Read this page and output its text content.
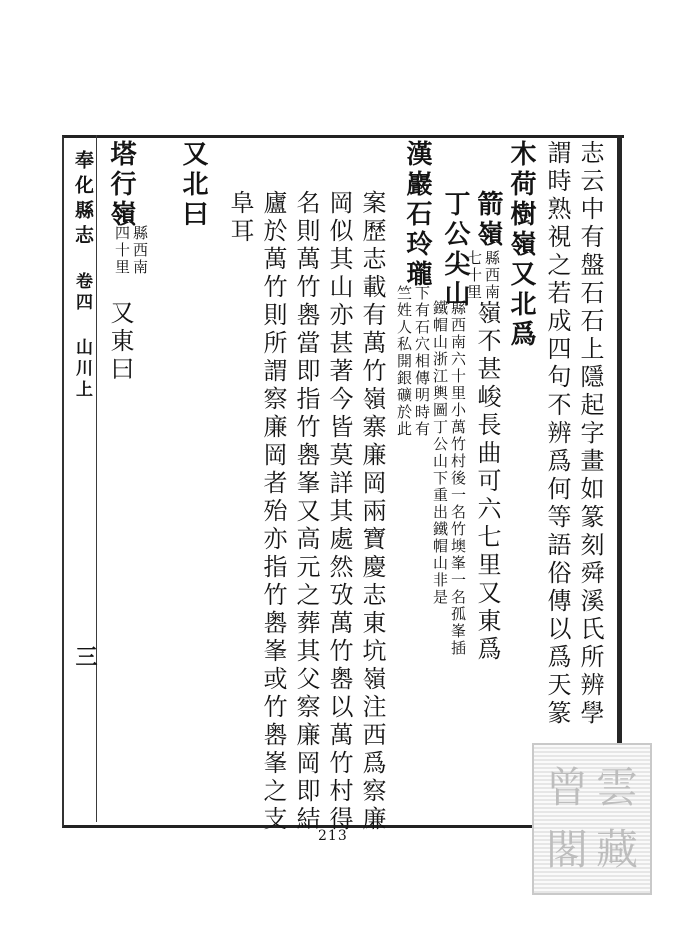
奉化縣志
卷四 山川上
三	志云中有盤石石上隱起字畫如篆刻舜溪氏所辨學
謂時熟視之若成四句不辨爲何等語俗傳以爲天篆
木荷樹嶺又北爲
箭嶺
縣西南
七十里
嶺不甚峻長曲可六七里又東爲
丁公尖山
縣西南六十里小萬竹村後一名竹墺峯一名孤峯插
鐵帽山浙江輿圖丁公山下重出鐵帽山非是
漢巖石玲瓏
下有石穴相傳明時有
竺姓人私開銀礦於此
案歷志載有萬竹嶺寨廉岡兩寶慶志東坑嶺注西爲察廉
岡似其山亦甚著今皆莫詳其處然攷萬竹嶴以萬竹村得
名則萬竹嶴當即指竹嶴峯又高元之葬其父察廉岡即結
廬於萬竹則所謂察廉岡者殆亦指竹嶴峯或竹嶴峯之支
阜耳
又北曰
塔行嶺
縣西南
四十里
又東曰
213
曾 雲
閣 藏
